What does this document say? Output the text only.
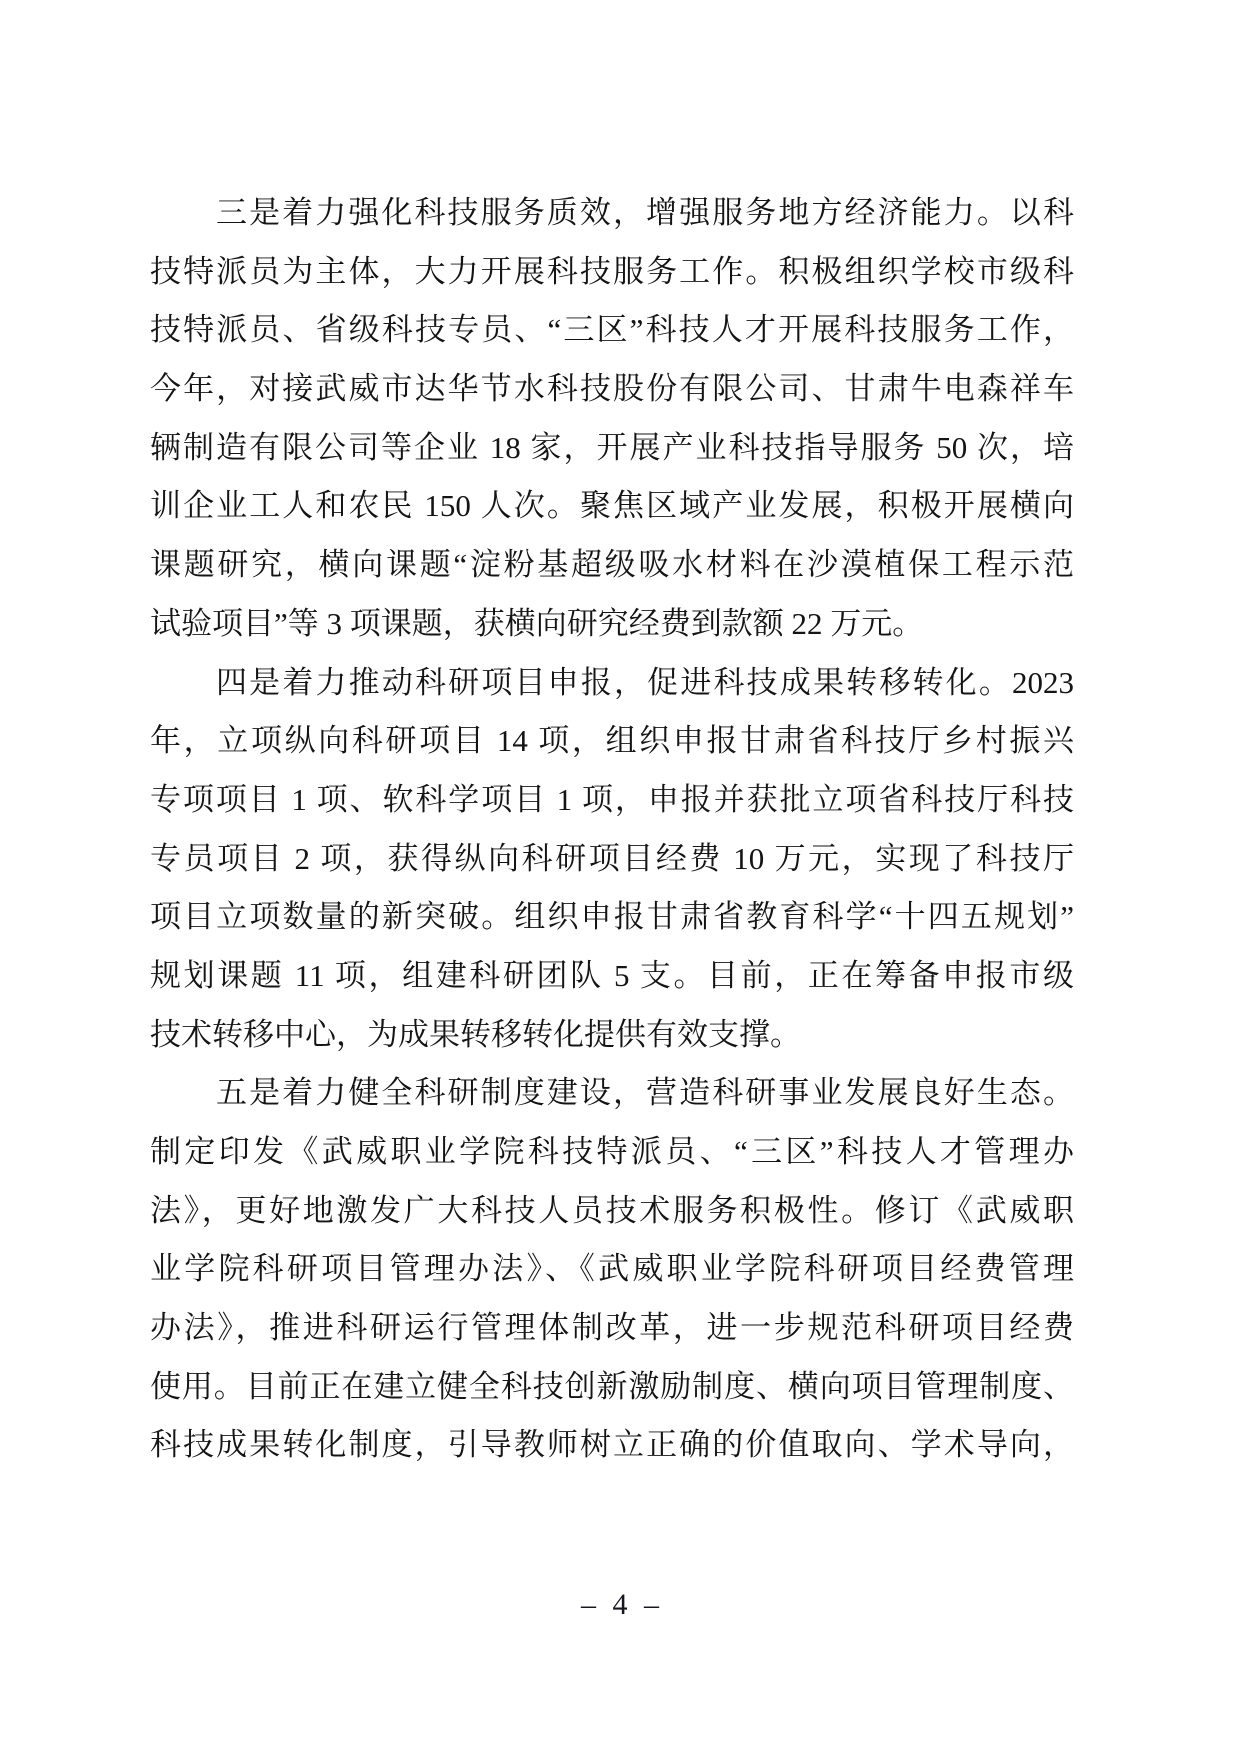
三是着力强化科技服务质效，增强服务地方经济能力。以科
技特派员为主体，大力开展科技服务工作。积极组织学校市级科
技特派员、省级科技专员、“三区”科技人才开展科技服务工作，
今年，对接武威市达华节水科技股份有限公司、甘肃牛电森祥车
辆制造有限公司等企业 18 家，开展产业科技指导服务 50 次，培
训企业工人和农民 150 人次。聚焦区域产业发展，积极开展横向
课题研究，横向课题“淀粉基超级吸水材料在沙漠植保工程示范
试验项目”等 3 项课题，获横向研究经费到款额 22 万元。
四是着力推动科研项目申报，促进科技成果转移转化。2023
年，立项纵向科研项目 14 项，组织申报甘肃省科技厅乡村振兴
专项项目 1 项、软科学项目 1 项，申报并获批立项省科技厅科技
专员项目 2 项，获得纵向科研项目经费 10 万元，实现了科技厅
项目立项数量的新突破。组织申报甘肃省教育科学“十四五规划”
规划课题 11 项，组建科研团队 5 支。目前，正在筹备申报市级
技术转移中心，为成果转移转化提供有效支撑。
五是着力健全科研制度建设，营造科研事业发展良好生态。
制定印发《武威职业学院科技特派员、“三区”科技人才管理办
法》，更好地激发广大科技人员技术服务积极性。修订《武威职
业学院科研项目管理办法》、《武威职业学院科研项目经费管理
办法》，推进科研运行管理体制改革，进一步规范科研项目经费
使用。目前正在建立健全科技创新激励制度、横向项目管理制度、
科技成果转化制度，引导教师树立正确的价值取向、学术导向，
– 4 –
